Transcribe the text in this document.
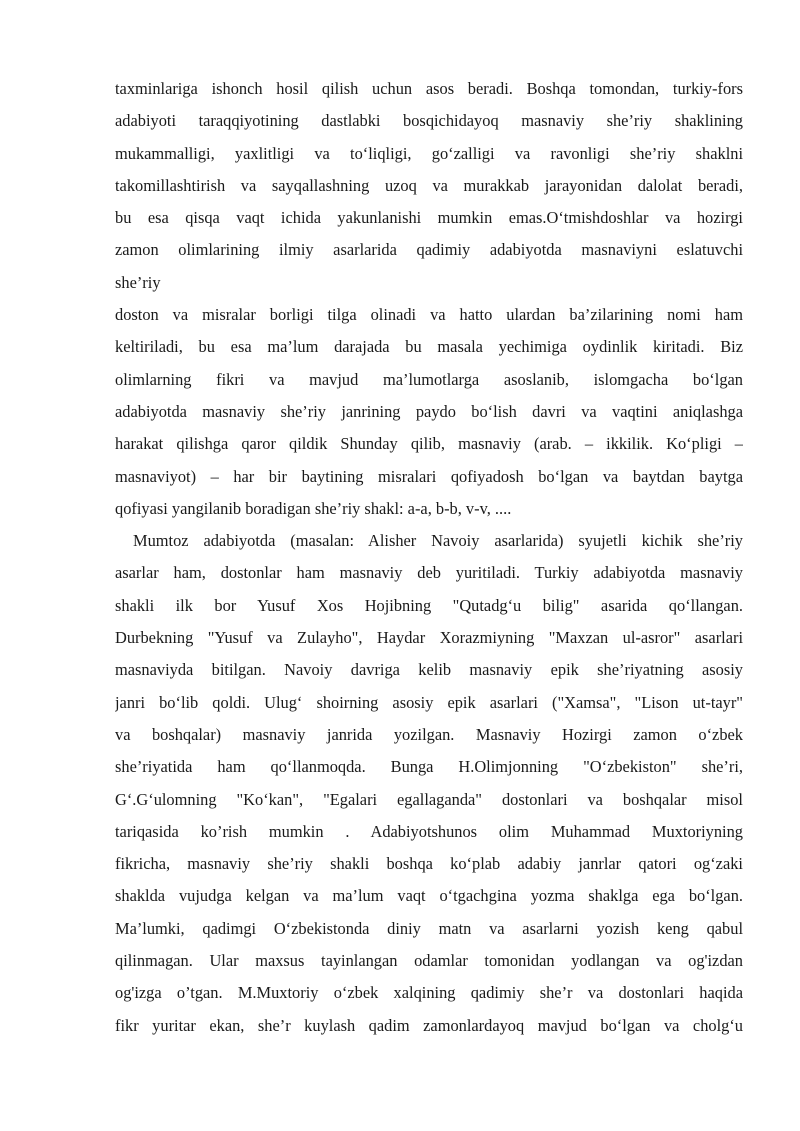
taxminlariga ishonch hosil qilish uchun asos beradi. Boshqa tomondan, turkiy-fors
adabiyoti taraqqiyotining dastlabki bosqichidayoq masnaviy she’riy shaklining
mukammalligi, yaxlitligi va to‘liqligi, go‘zalligi va ravonligi she’riy shaklni
takomillashtirish va sayqallashning uzoq va murakkab jarayonidan dalolat beradi,
bu esa qisqa vaqt ichida yakunlanishi mumkin emas.O‘tmishdoshlar va hozirgi
zamon olimlarining ilmiy asarlarida qadimiy adabiyotda masnaviyni eslatuvchi
she’riy
doston va misralar borligi tilga olinadi va hatto ulardan ba’zilarining nomi ham
keltiriladi, bu esa ma’lum darajada bu masala yechimiga oydinlik kiritadi. Biz
olimlarning fikri va mavjud ma’lumotlarga asoslanib, islomgacha bo‘lgan
adabiyotda masnaviy she’riy janrining paydo bo‘lish davri va vaqtini aniqlashga
harakat qilishga qaror qildik Shunday qilib, masnaviy (arab. – ikkilik. Ko‘pligi –
masnaviyot) – har bir baytining misralari qofiyadosh bo‘lgan va baytdan baytga
qofiyasi yangilanib boradigan she’riy shakl: a-a, b-b, v-v, ....
Mumtoz adabiyotda (masalan: Alisher Navoiy asarlarida) syujetli kichik she’riy
asarlar ham, dostonlar ham masnaviy deb yuritiladi. Turkiy adabiyotda masnaviy
shakli ilk bor Yusuf Xos Hojibning "Qutadg‘u bilig" asarida qo‘llangan.
Durbekning "Yusuf va Zulayho", Haydar Xorazmiyning "Maxzan ul-asror" asarlari
masnaviyda bitilgan. Navoiy davriga kelib masnaviy epik she’riyatning asosiy
janri bo‘lib qoldi. Ulug‘ shoirning asosiy epik asarlari ("Xamsa", "Lison ut-tayr"
va boshqalar) masnaviy janrida yozilgan. Masnaviy Hozirgi zamon o‘zbek
she’riyatida ham qo‘llanmoqda. Bunga H.Olimjonning "O‘zbekiston" she’ri,
G‘.G‘ulomning "Ko‘kan", "Egalari egallaganda" dostonlari va boshqalar misol
tariqasida ko’rish mumkin . Adabiyotshunos olim Muhammad Muxtoriyning
fikricha, masnaviy she’riy shakli boshqa ko‘plab adabiy janrlar qatori og‘zaki
shaklda vujudga kelgan va ma’lum vaqt o‘tgachgina yozma shaklga ega bo‘lgan.
Ma’lumki, qadimgi O‘zbekistonda diniy matn va asarlarni yozish keng qabul
qilinmagan. Ular maxsus tayinlangan odamlar tomonidan yodlangan va og'izdan
og'izga o’tgan. M.Muxtoriy o‘zbek xalqining qadimiy she’r va dostonlari haqida
fikr yuritar ekan, she’r kuylash qadim zamonlardayoq mavjud bo‘lgan va cholg‘u
